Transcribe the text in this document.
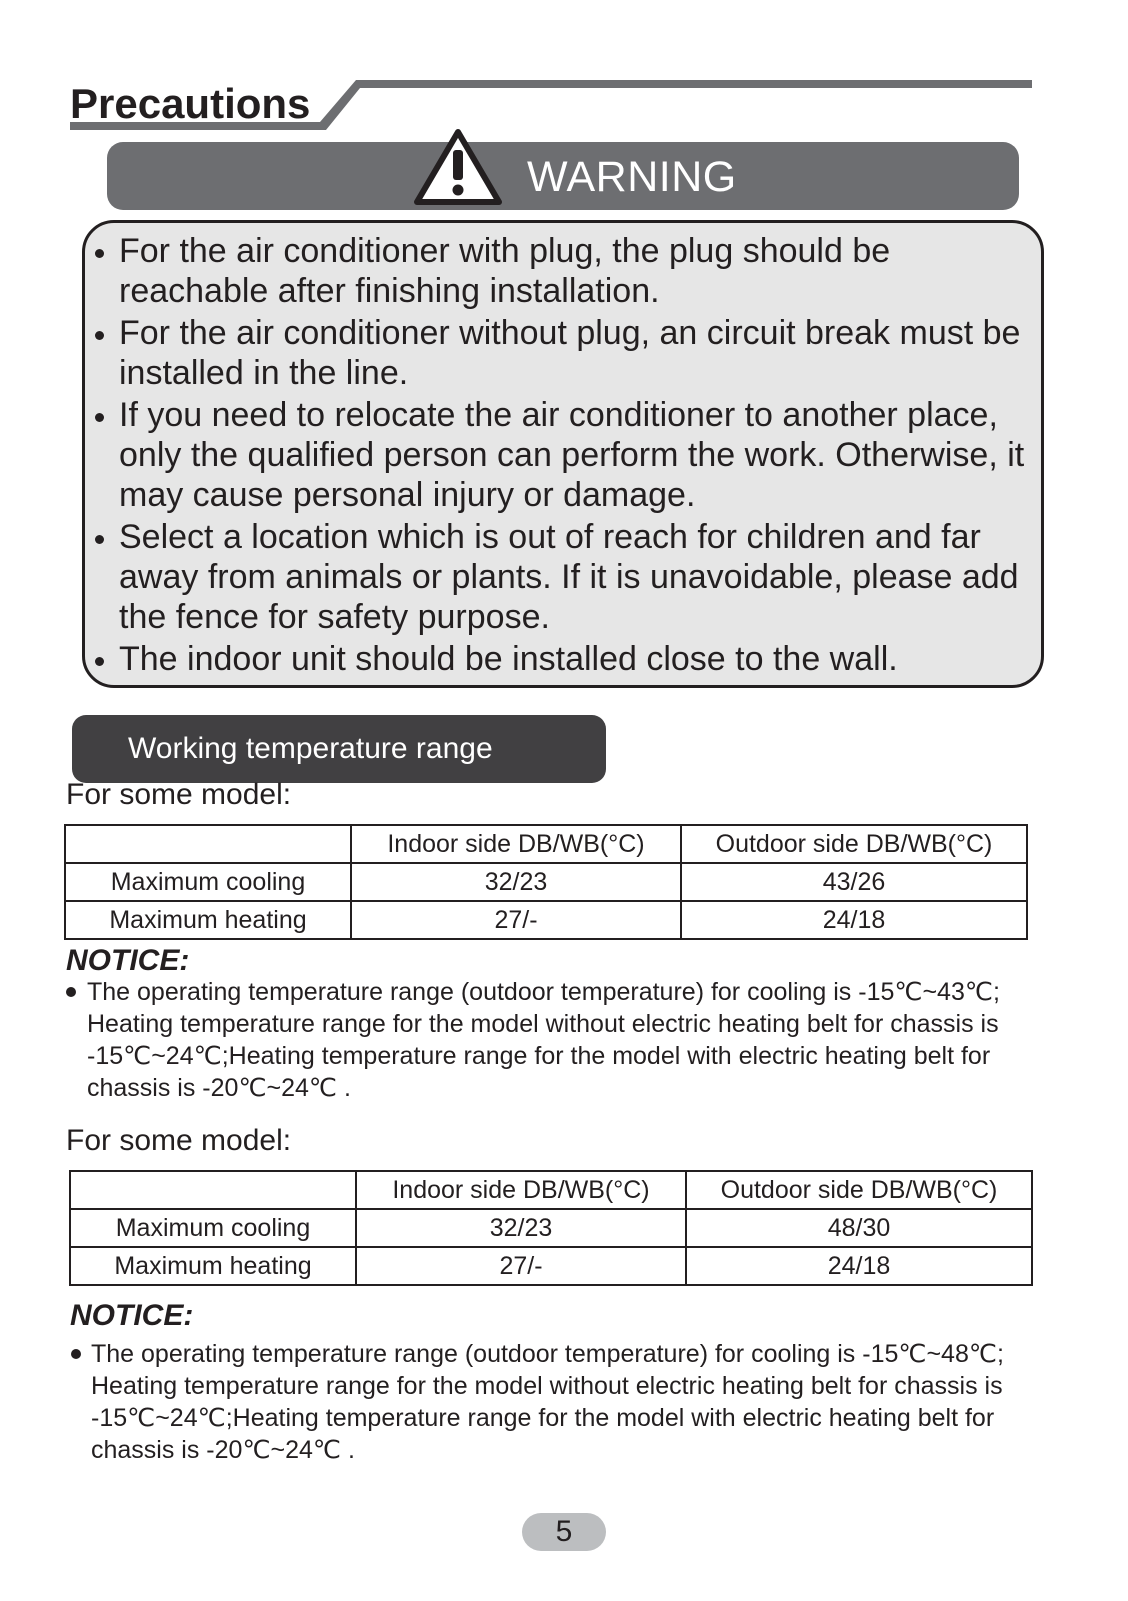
Precautions
WARNING
For the air conditioner with plug, the plug should be reachable after finishing installation.
For the air conditioner without plug, an circuit break must be installed in the line.
If you need to relocate the air conditioner to another place, only the qualified person can perform the work. Otherwise, it may cause personal injury or damage.
Select a location which is out of reach for children and far away from animals or plants. If it is unavoidable, please add the fence for safety purpose.
The indoor unit should be installed close to the wall.
Working temperature range
For some model:
	Indoor side DB/WB(°C)	Outdoor side DB/WB(°C)
Maximum cooling	32/23	43/26
Maximum heating	27/-	24/18
NOTICE:

The operating temperature range (outdoor temperature) for cooling is -15℃~43℃; Heating temperature range for the model without electric heating belt for chassis is -15℃~24℃;Heating temperature range for the model with electric heating belt for chassis is -20℃~24℃ .

For some model:
	Indoor side DB/WB(°C)	Outdoor side DB/WB(°C)
Maximum cooling	32/23	48/30
Maximum heating	27/-	24/18
NOTICE:

The operating temperature range (outdoor temperature) for cooling is -15℃~48℃; Heating temperature range for the model without electric heating belt for chassis is -15℃~24℃;Heating temperature range for the model with electric heating belt for chassis is -20℃~24℃ .

5
